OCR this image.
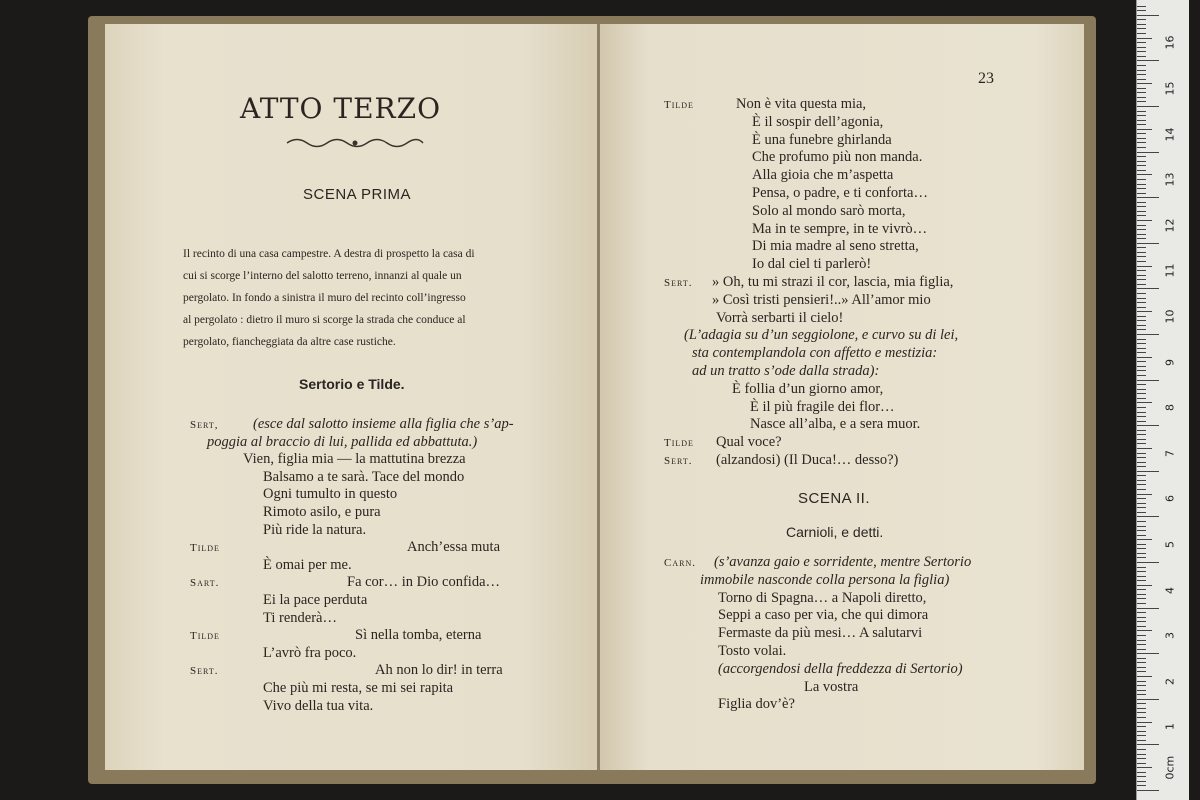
ATTO TERZO
SCENA PRIMA
Il recinto di una casa campestre. A destra di prospetto la casa di
cui si scorge l’interno del salotto terreno, innanzi al quale un
pergolato. In fondo a sinistra il muro del recinto coll’ingresso
al pergolato : dietro il muro si scorge la strada che conduce al
pergolato, fiancheggiata da altre case rustiche.
Sertorio e Tilde.
Sert, (esce dal salotto insieme alla figlia che s’ap-
poggia al braccio di lui, pallida ed abbattuta.)
Vien, figlia mia — la mattutina brezza
Balsamo a te sarà. Tace del mondo
Ogni tumulto in questo
Rimoto asilo, e pura
Più ride la natura.
Tilde	Anch’essa muta
È omai per me.
Sart.	Fa cor… in Dio confida…
Ei la pace perduta
Ti renderà…
Tilde	Sì nella tomba, eterna
L’avrò fra poco.
Sert.	Ah non lo dir! in terra
Che più mi resta, se mi sei rapita
Vivo della tua vita.
23
Tilde	Non è vita questa mia,
È il sospir dell’agonia,
È una funebre ghirlanda
Che profumo più non manda.
Alla gioia che m’aspetta
Pensa, o padre, e ti conforta…
Solo al mondo sarò morta,
Ma in te sempre, in te vivrò…
Di mia madre al seno stretta,
Io dal ciel ti parlerò!
Sert. » Oh, tu mi strazi il cor, lascia, mia figlia,
» Così tristi pensieri!..» All’amor mio
Vorrà serbarti il cielo!
(L’adagia su d’un seggiolone, e curvo su di lei,
sta contemplandola con affetto e mestizia:
ad un tratto s’ode dalla strada):
È follia d’un giorno amor,
È il più fragile dei flor…
Nasce all’alba, e a sera muor.
Tilde Qual voce?
Sert. (alzandosi) (Il Duca!… desso?)
SCENA II.
Carnioli, e detti.
Carn. (s’avanza gaio e sorridente, mentre Sertorio
immobile nasconde colla persona la figlia)
Torno di Spagna… a Napoli diretto,
Seppi a caso per via, che qui dimora
Fermaste da più mesi… A salutarvi
Tosto volai.
(accorgendosi della freddezza di Sertorio)
La vostra
Figlia dov’è?
0cm
1
2
3
4
5
6
7
8
9
10
11
12
13
14
15
16
